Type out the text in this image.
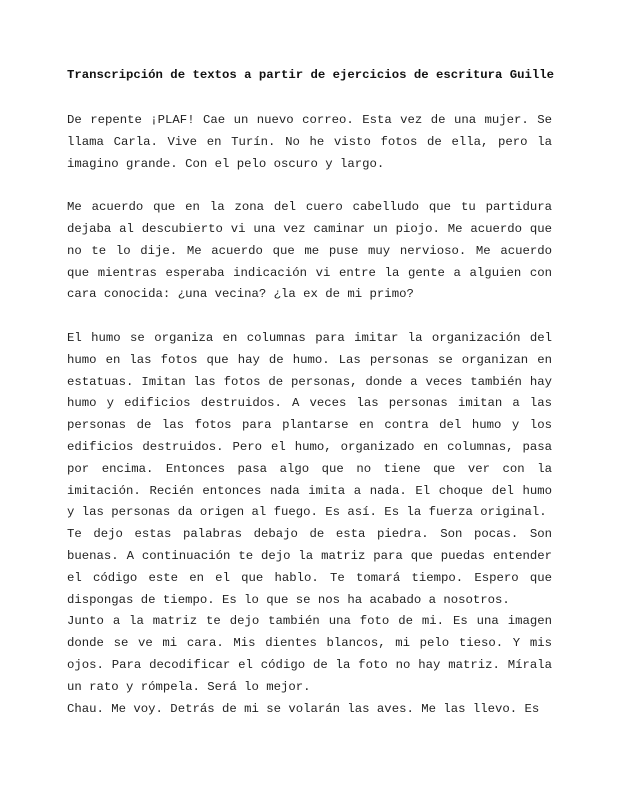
Transcripción de textos a partir de ejercicios de escritura Guille

De repente ¡PLAF! Cae un nuevo correo. Esta vez de una mujer. Se llama Carla. Vive en Turín. No he visto fotos de ella, pero la imagino grande. Con el pelo oscuro y largo.

Me acuerdo que en la zona del cuero cabelludo que tu partidura dejaba al descubierto vi una vez caminar un piojo. Me acuerdo que no te lo dije. Me acuerdo que me puse muy nervioso. Me acuerdo que mientras esperaba indicación vi entre la gente a alguien con cara conocida: ¿una vecina? ¿la ex de mi primo?

El humo se organiza en columnas para imitar la organización del humo en las fotos que hay de humo. Las personas se organizan en estatuas. Imitan las fotos de personas, donde a veces también hay humo y edificios destruidos. A veces las personas imitan a las personas de las fotos para plantarse en contra del humo y los edificios destruidos. Pero el humo, organizado en columnas, pasa por encima. Entonces pasa algo que no tiene que ver con la imitación. Recién entonces nada imita a nada. El choque del humo y las personas da origen al fuego. Es así. Es la fuerza original.

Te dejo estas palabras debajo de esta piedra. Son pocas. Son buenas. A continuación te dejo la matriz para que puedas entender el código este en el que hablo. Te tomará tiempo. Espero que dispongas de tiempo. Es lo que se nos ha acabado a nosotros.

Junto a la matriz te dejo también una foto de mi. Es una imagen donde se ve mi cara. Mis dientes blancos, mi pelo tieso. Y mis ojos. Para decodificar el código de la foto no hay matriz. Mírala un rato y rómpela. Será lo mejor.

Chau. Me voy. Detrás de mi se volarán las aves. Me las llevo. Es
